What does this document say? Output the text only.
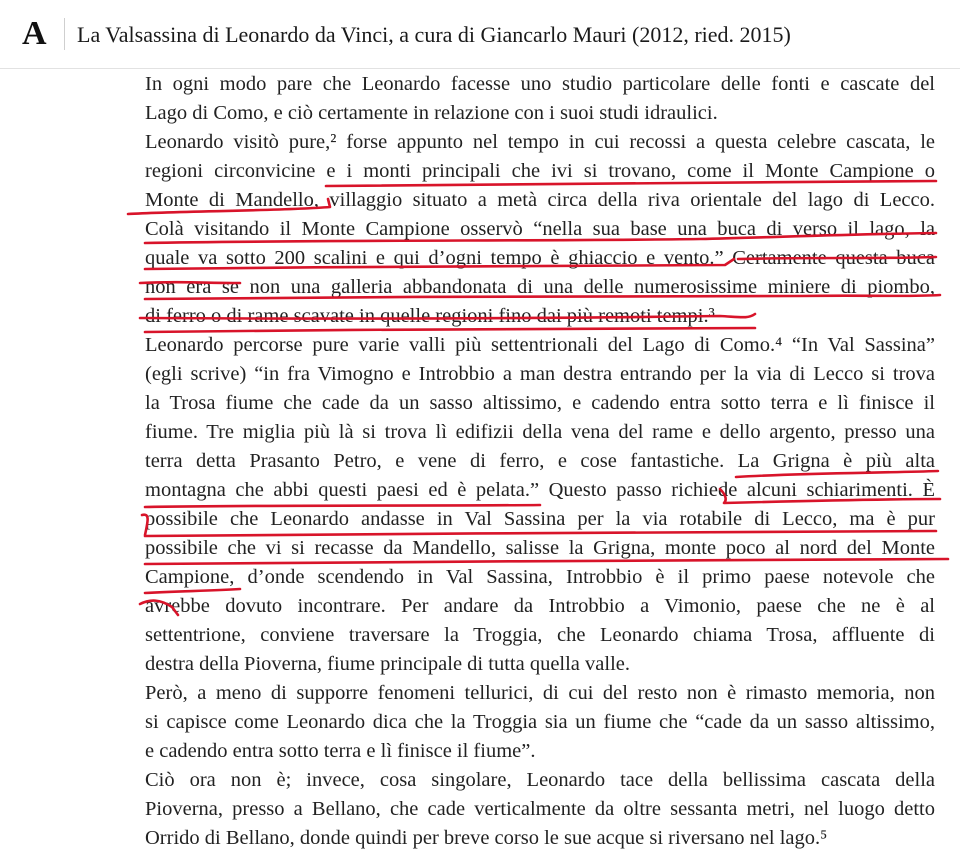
A La Valsassina di Leonardo da Vinci, a cura di Giancarlo Mauri (2012, ried. 2015)
In ogni modo pare che Leonardo facesse uno studio particolare delle fonti e cascate del
Lago di Como, e ciò certamente in relazione con i suoi studi idraulici.
Leonardo visitò pure,² forse appunto nel tempo in cui recossi a questa celebre cascata, le
regioni circonvicine e i monti principali che ivi si trovano, come il Monte Campione o
Monte di Mandello, villaggio situato a metà circa della riva orientale del lago di Lecco.
Colà visitando il Monte Campione osservò “nella sua base una buca di verso il lago, la
quale va sotto 200 scalini e qui d’ogni tempo è ghiaccio e vento.” Certamente questa buca
non era se non una galleria abbandonata di una delle numerosissime miniere di piombo,
di ferro o di rame scavate in quelle regioni fino dai più remoti tempi.³
Leonardo percorse pure varie valli più settentrionali del Lago di Como.⁴ “In Val Sassina”
(egli scrive) “in fra Vimogno e Introbbio a man destra entrando per la via di Lecco si trova
la Trosa fiume che cade da un sasso altissimo, e cadendo entra sotto terra e lì finisce il
fiume. Tre miglia più là si trova lì edifizii della vena del rame e dello argento, presso una
terra detta Prasanto Petro, e vene di ferro, e cose fantastiche. La Grigna è più alta
montagna che abbi questi paesi ed è pelata.” Questo passo richiede alcuni schiarimenti. È
possibile che Leonardo andasse in Val Sassina per la via rotabile di Lecco, ma è pur
possibile che vi si recasse da Mandello, salisse la Grigna, monte poco al nord del Monte
Campione, d’onde scendendo in Val Sassina, Introbbio è il primo paese notevole che
avrebbe dovuto incontrare. Per andare da Introbbio a Vimonio, paese che ne è al
settentrione, conviene traversare la Troggia, che Leonardo chiama Trosa, affluente di
destra della Pioverna, fiume principale di tutta quella valle.
Però, a meno di supporre fenomeni tellurici, di cui del resto non è rimasto memoria, non
si capisce come Leonardo dica che la Troggia sia un fiume che “cade da un sasso altissimo,
e cadendo entra sotto terra e lì finisce il fiume”.
Ciò ora non è; invece, cosa singolare, Leonardo tace della bellissima cascata della
Pioverna, presso a Bellano, che cade verticalmente da oltre sessanta metri, nel luogo detto
Orrido di Bellano, donde quindi per breve corso le sue acque si riversano nel lago.⁵
